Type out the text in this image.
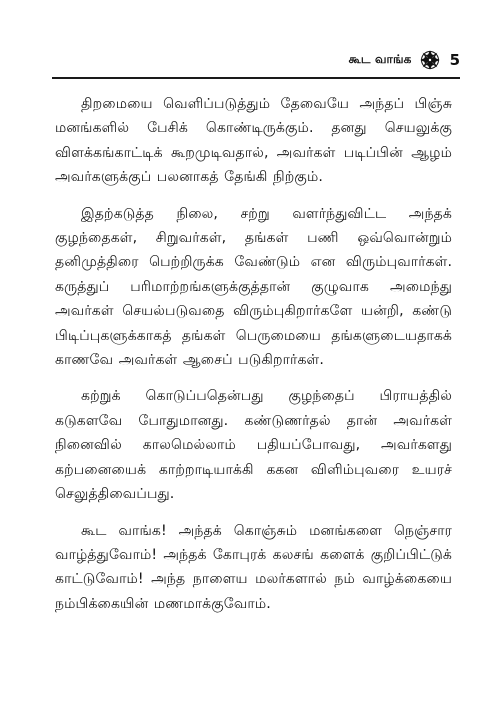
கூட வாங்க	5

திறமையை வெளிப்படுத்தும் தேவையே அந்தப் பிஞ்சு மனங்களில் பேசிக் கொண்டிருக்கும். தனது செயலுக்கு விளக்கங்காட்டிக் கூறமுடிவதால், அவர்கள் படிப்பின் ஆழம் அவர்களுக்குப் பலனாகத் தேங்கி நிற்கும்.

இதற்கடுத்த நிலை, சற்று வளர்ந்துவிட்ட அந்தக் குழந்தைகள், சிறுவர்கள், தங்கள் பணி ஒவ்வொன்றும் தனிமுத்திரை பெற்றிருக்க வேண்டும் என விரும்புவார்கள். கருத்துப் பரிமாற்றங்களுக்குத்தான் குழுவாக அமைந்து அவர்கள் செயல்படுவதை விரும்புகிறார்களே யன்றி, கண்டு பிடிப்புகளுக்காகத் தங்கள் பெருமையை தங்களுடையதாகக் காணவே அவர்கள் ஆசைப் படுகிறார்கள்.

கற்றுக் கொடுப்பதென்பது குழந்தைப் பிராயத்தில் கடுகளவே போதுமானது. கண்டுணர்தல் தான் அவர்கள் நினைவில் காலமெல்லாம் பதியப்போவது, அவர்களது கற்பனையைக் காற்றாடியாக்கி ககன விளிம்புவரை உயரச் செலுத்திவைப்பது.

கூட வாங்க! அந்தக் கொஞ்சும் மனங்களை நெஞ்சார வாழ்த்துவோம்! அந்தக் கோபுரக் கலசங் களைக் குறிப்பிட்டுக் காட்டுவோம்! அந்த நாளைய மலர்களால் நம் வாழ்க்கையை நம்பிக்கையின் மணமாக்குவோம்.
